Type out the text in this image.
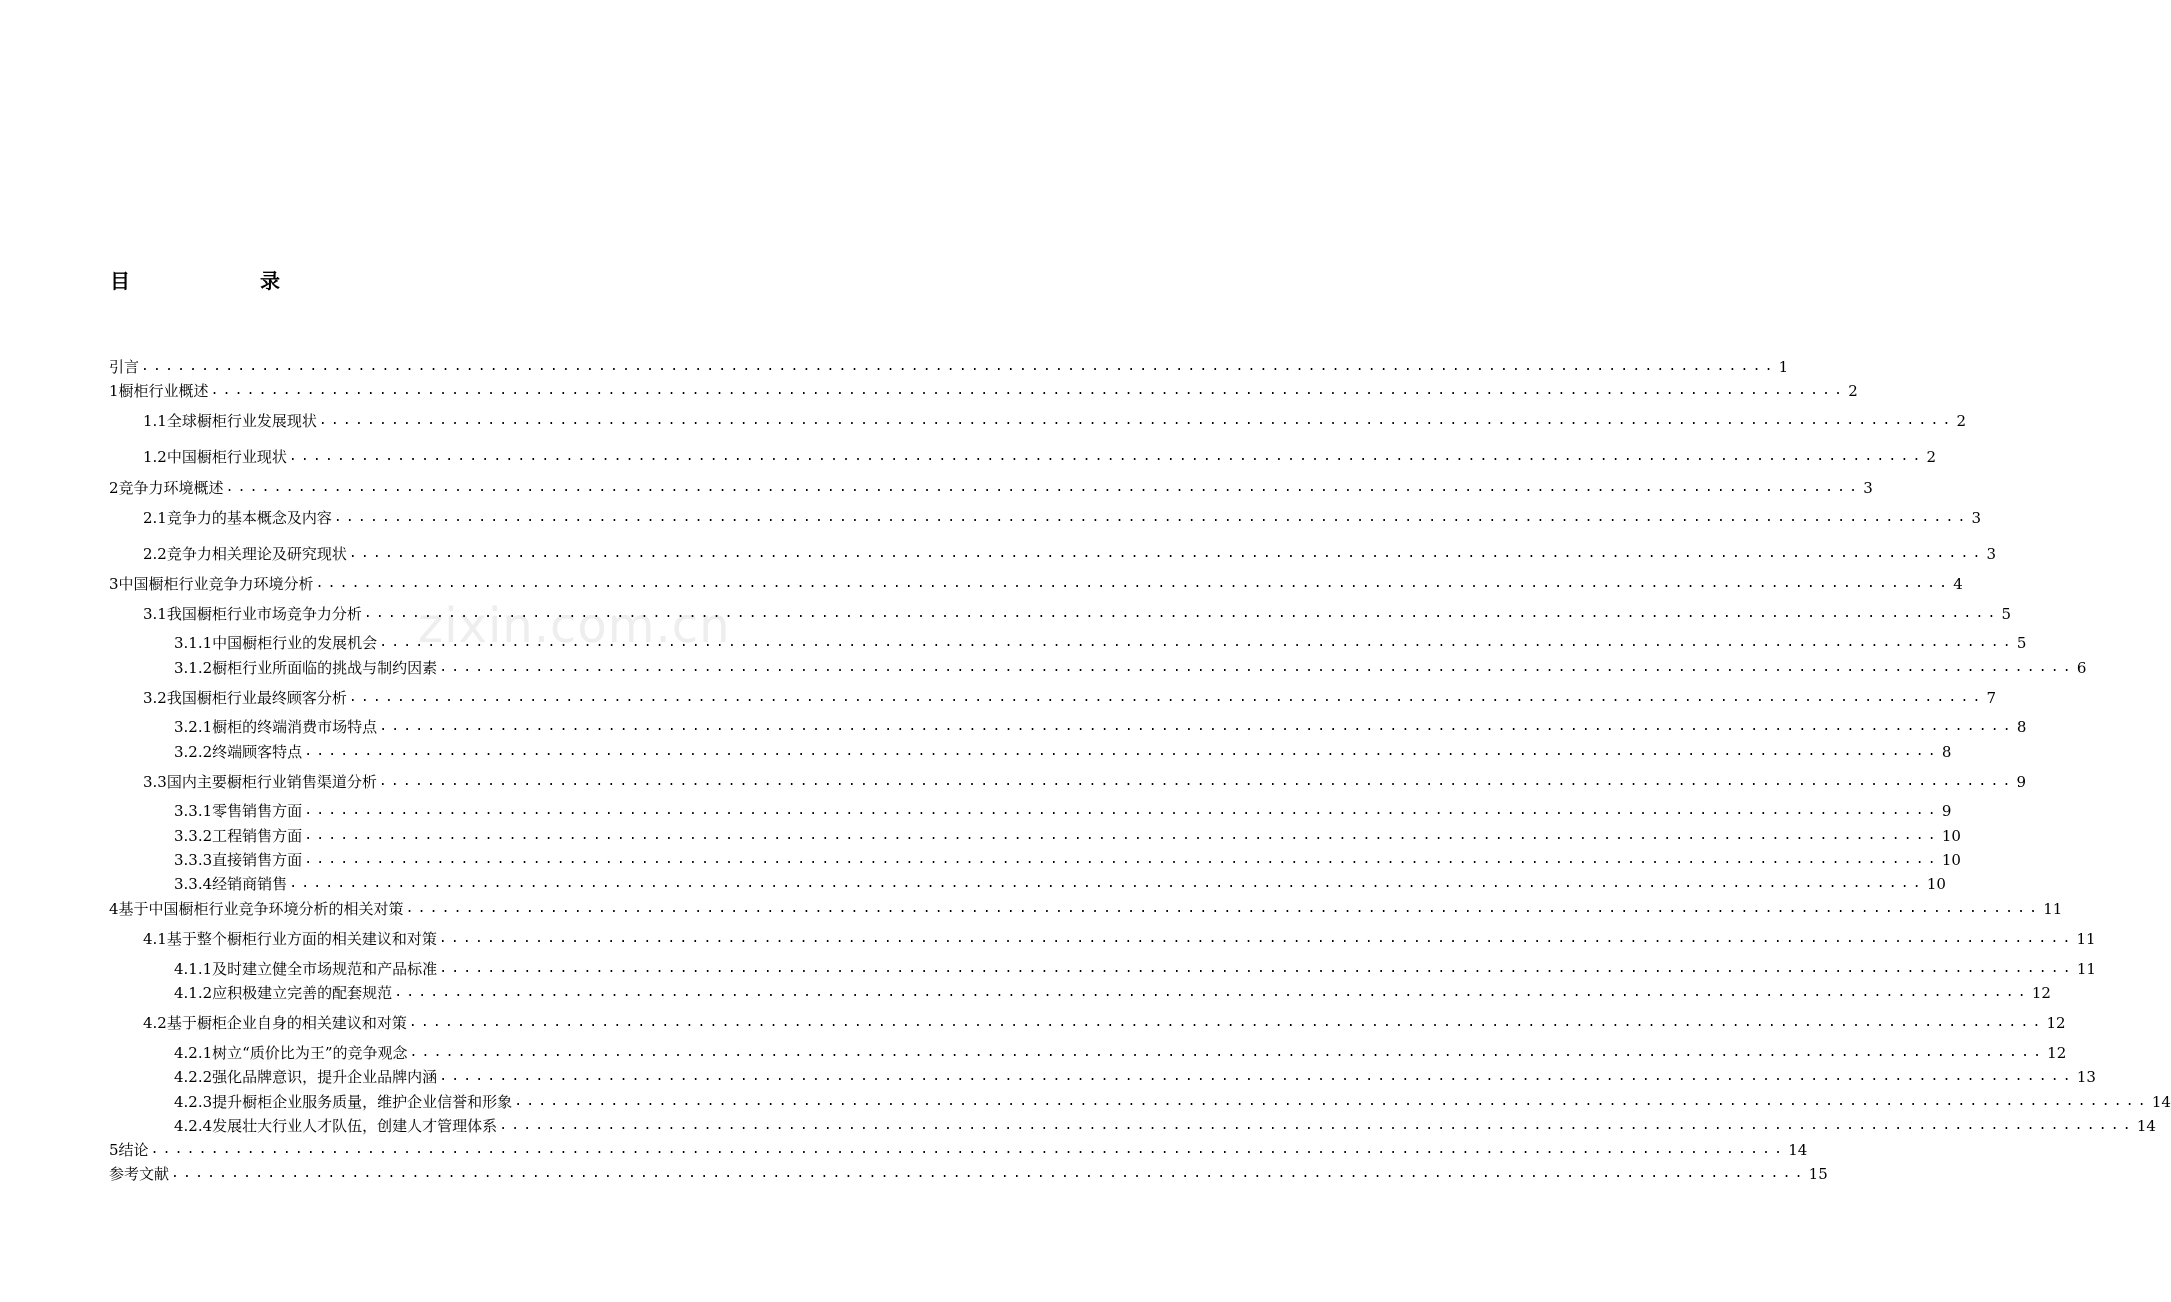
目	录
zixin.com.cn
引言 ........................................................................................................................................ 1
1 橱柜行业概述 ........................................................................................................................................ 2
1.1 全球橱柜行业发展现状 ........................................................................................................................................ 2
1.2 中国橱柜行业现状 ........................................................................................................................................ 2
2 竞争力环境概述 ........................................................................................................................................ 3
2.1 竞争力的基本概念及内容 ........................................................................................................................................ 3
2.2 竞争力相关理论及研究现状 ........................................................................................................................................ 3
3 中国橱柜行业竞争力环境分析 ........................................................................................................................................ 4
3.1 我国橱柜行业市场竞争力分析 ........................................................................................................................................ 5
3.1.1 中国橱柜行业的发展机会 ........................................................................................................................................ 5
3.1.2 橱柜行业所面临的挑战与制约因素 ........................................................................................................................................ 6
3.2 我国橱柜行业最终顾客分析 ........................................................................................................................................ 7
3.2.1 橱柜的终端消费市场特点 ........................................................................................................................................ 8
3.2.2 终端顾客特点 ........................................................................................................................................ 8
3.3 国内主要橱柜行业销售渠道分析 ........................................................................................................................................ 9
3.3.1 零售销售方面 ........................................................................................................................................ 9
3.3.2 工程销售方面 ........................................................................................................................................ 10
3.3.3 直接销售方面 ........................................................................................................................................ 10
3.3.4 经销商销售 ........................................................................................................................................ 10
4 基于中国橱柜行业竞争环境分析的相关对策 ........................................................................................................................................ 11
4.1 基于整个橱柜行业方面的相关建议和对策 ........................................................................................................................................ 11
4.1.1 及时建立健全市场规范和产品标准 ........................................................................................................................................ 11
4.1.2 应积极建立完善的配套规范 ........................................................................................................................................ 12
4.2 基于橱柜企业自身的相关建议和对策 ........................................................................................................................................ 12
4.2.1 树立“质价比为王”的竞争观念 ........................................................................................................................................ 12
4.2.2 强化品牌意识，提升企业品牌内涵 ........................................................................................................................................ 13
4.2.3 提升橱柜企业服务质量，维护企业信誉和形象 ........................................................................................................................................ 14
4.2.4 发展壮大行业人才队伍，创建人才管理体系 ........................................................................................................................................ 14
5 结论 ........................................................................................................................................ 14
参考文献 ........................................................................................................................................ 15
